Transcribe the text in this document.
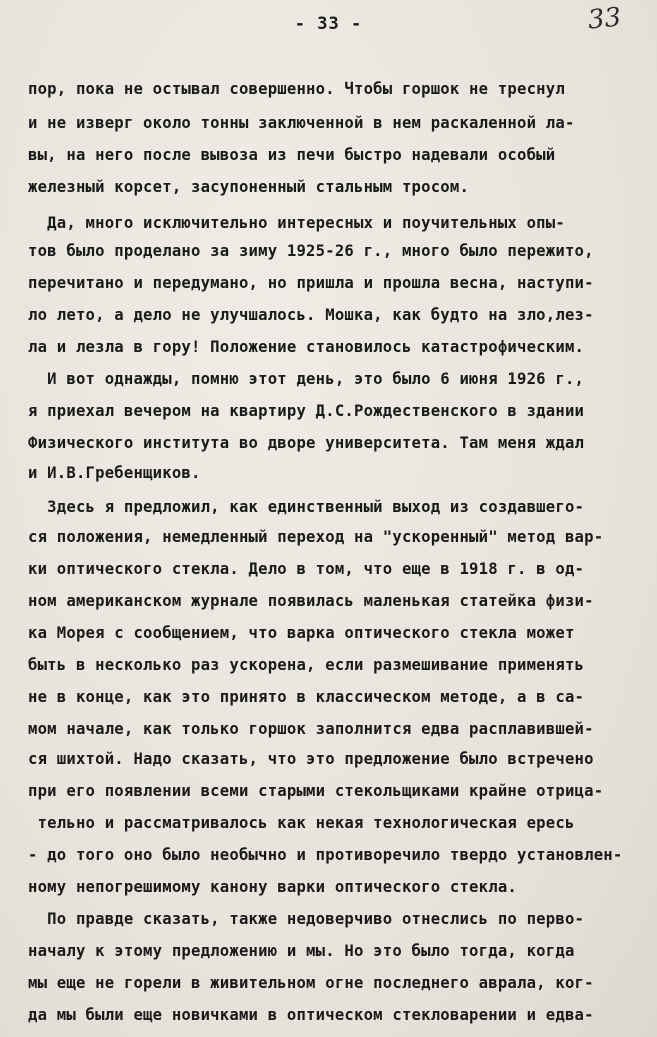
- 33 -	33
пор, пока не остывал совершенно. Чтобы горшок не треснул
и не изверг около тонны заключенной в нем раскаленной ла-
вы, на него после вывоза из печи быстро надевали особый
железный корсет, засупоненный стальным тросом.
Да, много исключительно интересных и поучительных опы-
тов было проделано за зиму 1925-26 г., много было пережито,
перечитано и передумано, но пришла и прошла весна, наступи-
ло лето, а дело не улучшалось. Мошка, как будто на зло,лез-
ла и лезла в гору! Положение становилось катастрофическим.
И вот однажды, помню этот день, это было 6 июня 1926 г.,
я приехал вечером на квартиру Д.С.Рождественского в здании
Физического института во дворе университета. Там меня ждал
и И.В.Гребенщиков.
Здесь я предложил, как единственный выход из создавшего-
ся положения, немедленный переход на "ускоренный" метод вар-
ки оптического стекла. Дело в том, что еще в 1918 г. в од-
ном американском журнале появилась маленькая статейка физи-
ка Морея с сообщением, что варка оптического стекла может
быть в несколько раз ускорена, если размешивание применять
не в конце, как это принято в классическом методе, а в са-
мом начале, как только горшок заполнится едва расплавившей-
ся шихтой. Надо сказать, что это предложение было встречено
при его появлении всеми старыми стекольщиками крайне отрица-
тельно и рассматривалось как некая технологическая ересь
- до того оно было необычно и противоречило твердо установлен-
ному непогрешимому канону варки оптического стекла.
По правде сказать, также недоверчиво отнеслись по перво-
началу к этому предложению и мы. Но это было тогда, когда
мы еще не горели в живительном огне последнего аврала, ког-
да мы были еще новичками в оптическом стекловарении и едва-
